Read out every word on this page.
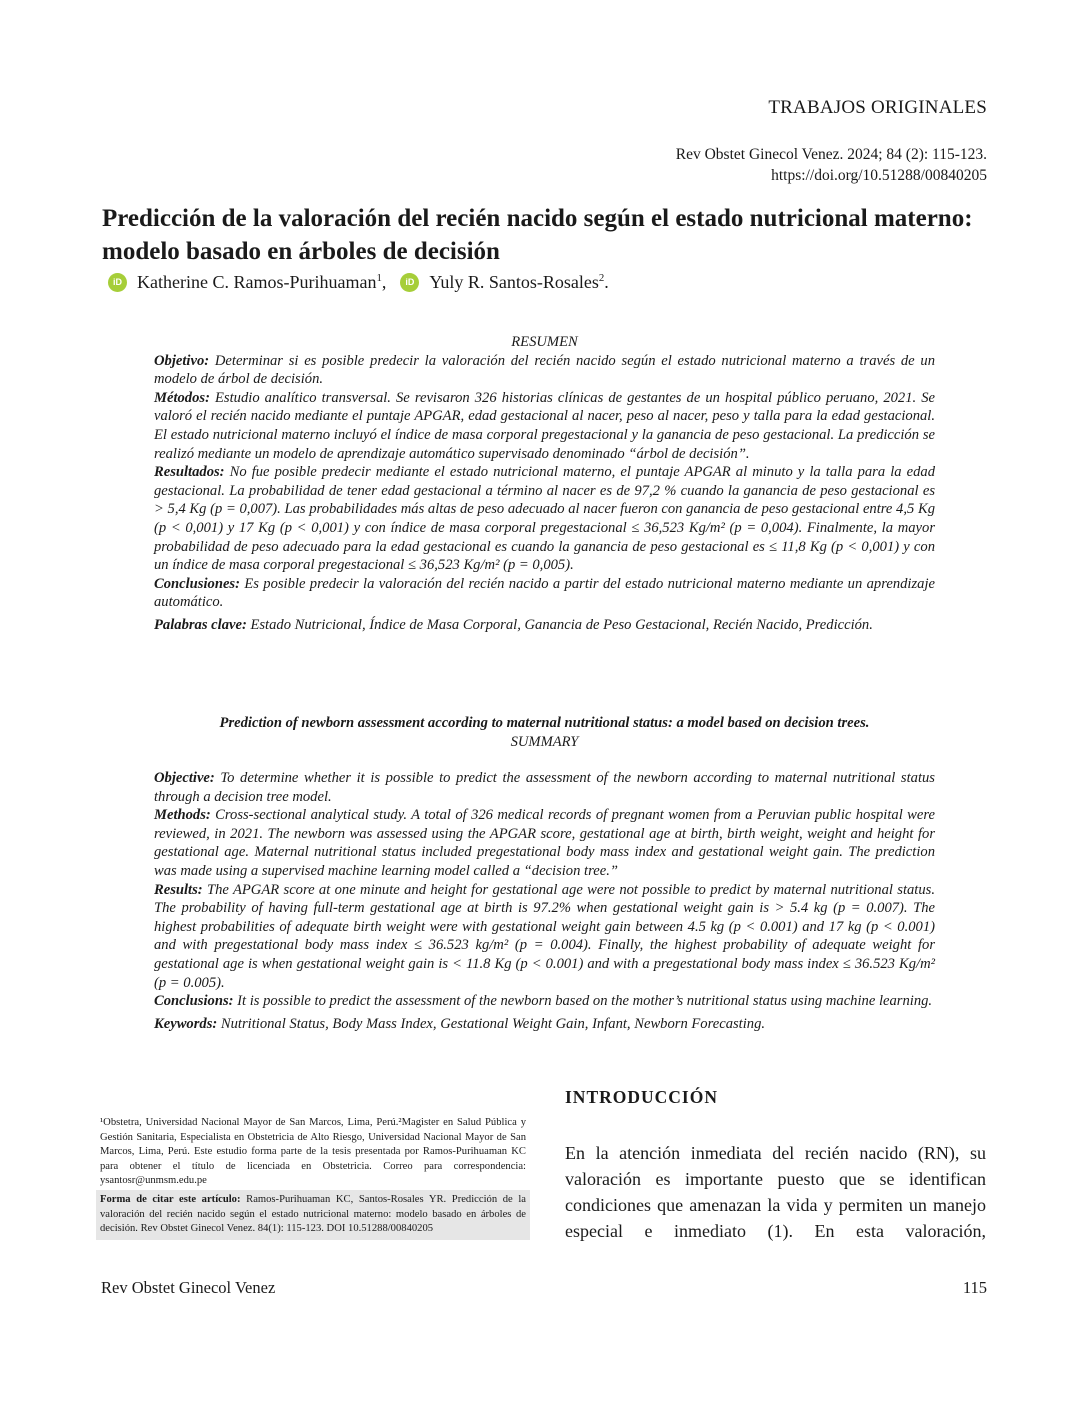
TRABAJOS ORIGINALES
Rev Obstet Ginecol Venez. 2024; 84 (2): 115-123.
https://doi.org/10.51288/00840205
Predicción de la valoración del recién nacido según el estado nutricional materno: modelo basado en árboles de decisión
iD Katherine C. Ramos-Purihuaman$^1$,	iD Yuly R. Santos-Rosales$^2$.
RESUMEN

Objetivo: Determinar si es posible predecir la valoración del recién nacido según el estado nutricional materno a través de un modelo de árbol de decisión.

Métodos: Estudio analítico transversal. Se revisaron 326 historias clínicas de gestantes de un hospital público peruano, 2021. Se valoró el recién nacido mediante el puntaje APGAR, edad gestacional al nacer, peso al nacer, peso y talla para la edad gestacional. El estado nutricional materno incluyó el índice de masa corporal pregestacional y la ganancia de peso gestacional. La predicción se realizó mediante un modelo de aprendizaje automático supervisado denominado “árbol de decisión”.

Resultados: No fue posible predecir mediante el estado nutricional materno, el puntaje APGAR al minuto y la talla para la edad gestacional. La probabilidad de tener edad gestacional a término al nacer es de 97,2 % cuando la ganancia de peso gestacional es > 5,4 Kg (p = 0,007). Las probabilidades más altas de peso adecuado al nacer fueron con ganancia de peso gestacional entre 4,5 Kg (p < 0,001) y 17 Kg (p < 0,001) y con índice de masa corporal pregestacional ≤ 36,523 Kg/m² (p = 0,004). Finalmente, la mayor probabilidad de peso adecuado para la edad gestacional es cuando la ganancia de peso gestacional es ≤ 11,8 Kg (p < 0,001) y con un índice de masa corporal pregestacional ≤ 36,523 Kg/m² (p = 0,005).

Conclusiones: Es posible predecir la valoración del recién nacido a partir del estado nutricional materno mediante un aprendizaje automático.

Palabras clave: Estado Nutricional, Índice de Masa Corporal, Ganancia de Peso Gestacional, Recién Nacido, Predicción.

Prediction of newborn assessment according to maternal nutritional status: a model based on decision trees.
SUMMARY

Objective: To determine whether it is possible to predict the assessment of the newborn according to maternal nutritional status through a decision tree model.

Methods: Cross-sectional analytical study. A total of 326 medical records of pregnant women from a Peruvian public hospital were reviewed, in 2021. The newborn was assessed using the APGAR score, gestational age at birth, birth weight, weight and height for gestational age. Maternal nutritional status included pregestational body mass index and gestational weight gain. The prediction was made using a supervised machine learning model called a “decision tree.”

Results: The APGAR score at one minute and height for gestational age were not possible to predict by maternal nutritional status. The probability of having full-term gestational age at birth is 97.2% when gestational weight gain is > 5.4 kg (p = 0.007). The highest probabilities of adequate birth weight were with gestational weight gain between 4.5 kg (p < 0.001) and 17 kg (p < 0.001) and with pregestational body mass index ≤ 36.523 kg/m² (p = 0.004). Finally, the highest probability of adequate weight for gestational age is when gestational weight gain is < 11.8 Kg (p < 0.001) and with a pregestational body mass index ≤ 36.523 Kg/m² (p = 0.005).

Conclusions: It is possible to predict the assessment of the newborn based on the mother’s nutritional status using machine learning.

Keywords: Nutritional Status, Body Mass Index, Gestational Weight Gain, Infant, Newborn Forecasting.

¹Obstetra, Universidad Nacional Mayor de San Marcos, Lima, Perú.²Magister en Salud Pública y Gestión Sanitaria, Especialista en Obstetricia de Alto Riesgo, Universidad Nacional Mayor de San Marcos, Lima, Perú. Este estudio forma parte de la tesis presentada por Ramos-Purihuaman KC para obtener el título de licenciada en Obstetricia. Correo para correspondencia: ysantosr@unmsm.edu.pe
Forma de citar este artículo: Ramos-Purihuaman KC, Santos-Rosales YR. Predicción de la valoración del recién nacido según el estado nutricional materno: modelo basado en árboles de decisión. Rev Obstet Ginecol Venez. 84(1): 115-123. DOI 10.51288/00840205
INTRODUCCIÓN
En la atención inmediata del recién nacido (RN), su valoración es importante puesto que se identifican condiciones que amenazan la vida y permiten un manejo especial e inmediato (1). En esta valoración,
Rev Obstet Ginecol Venez	115
